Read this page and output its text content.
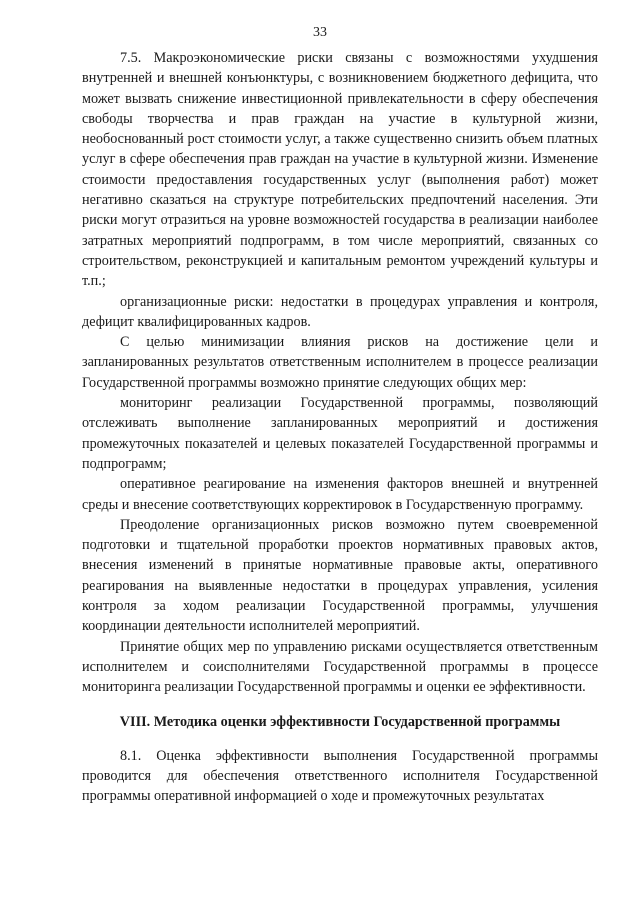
33

7.5. Макроэкономические риски связаны с возможностями ухудшения внутренней и внешней конъюнктуры, с возникновением бюджетного дефицита, что может вызвать снижение инвестиционной привлекательности в сферу обеспечения свободы творчества и прав граждан на участие в культурной жизни, необоснованный рост стоимости услуг, а также существенно снизить объем платных услуг в сфере обеспечения прав граждан на участие в культурной жизни. Изменение стоимости предоставления государственных услуг (выполнения работ) может негативно сказаться на структуре потребительских предпочтений населения. Эти риски могут отразиться на уровне возможностей государства в реализации наиболее затратных мероприятий подпрограмм, в том числе мероприятий, связанных со строительством, реконструкцией и капитальным ремонтом учреждений культуры и т.п.;

организационные риски: недостатки в процедурах управления и контроля, дефицит квалифицированных кадров.

С целью минимизации влияния рисков на достижение цели и запланированных результатов ответственным исполнителем в процессе реализации Государственной программы возможно принятие следующих общих мер:

мониторинг реализации Государственной программы, позволяющий отслеживать выполнение запланированных мероприятий и достижения промежуточных показателей и целевых показателей Государственной программы и подпрограмм;

оперативное реагирование на изменения факторов внешней и внутренней среды и внесение соответствующих корректировок в Государственную программу.

Преодоление организационных рисков возможно путем своевременной подготовки и тщательной проработки проектов нормативных правовых актов, внесения изменений в принятые нормативные правовые акты, оперативного реагирования на выявленные недостатки в процедурах управления, усиления контроля за ходом реализации Государственной программы, улучшения координации деятельности исполнителей мероприятий.

Принятие общих мер по управлению рисками осуществляется ответственным исполнителем и соисполнителями Государственной программы в процессе мониторинга реализации Государственной программы и оценки ее эффективности.

VIII. Методика оценки эффективности Государственной программы

8.1. Оценка эффективности выполнения Государственной программы проводится для обеспечения ответственного исполнителя Государственной программы оперативной информацией о ходе и промежуточных результатах
